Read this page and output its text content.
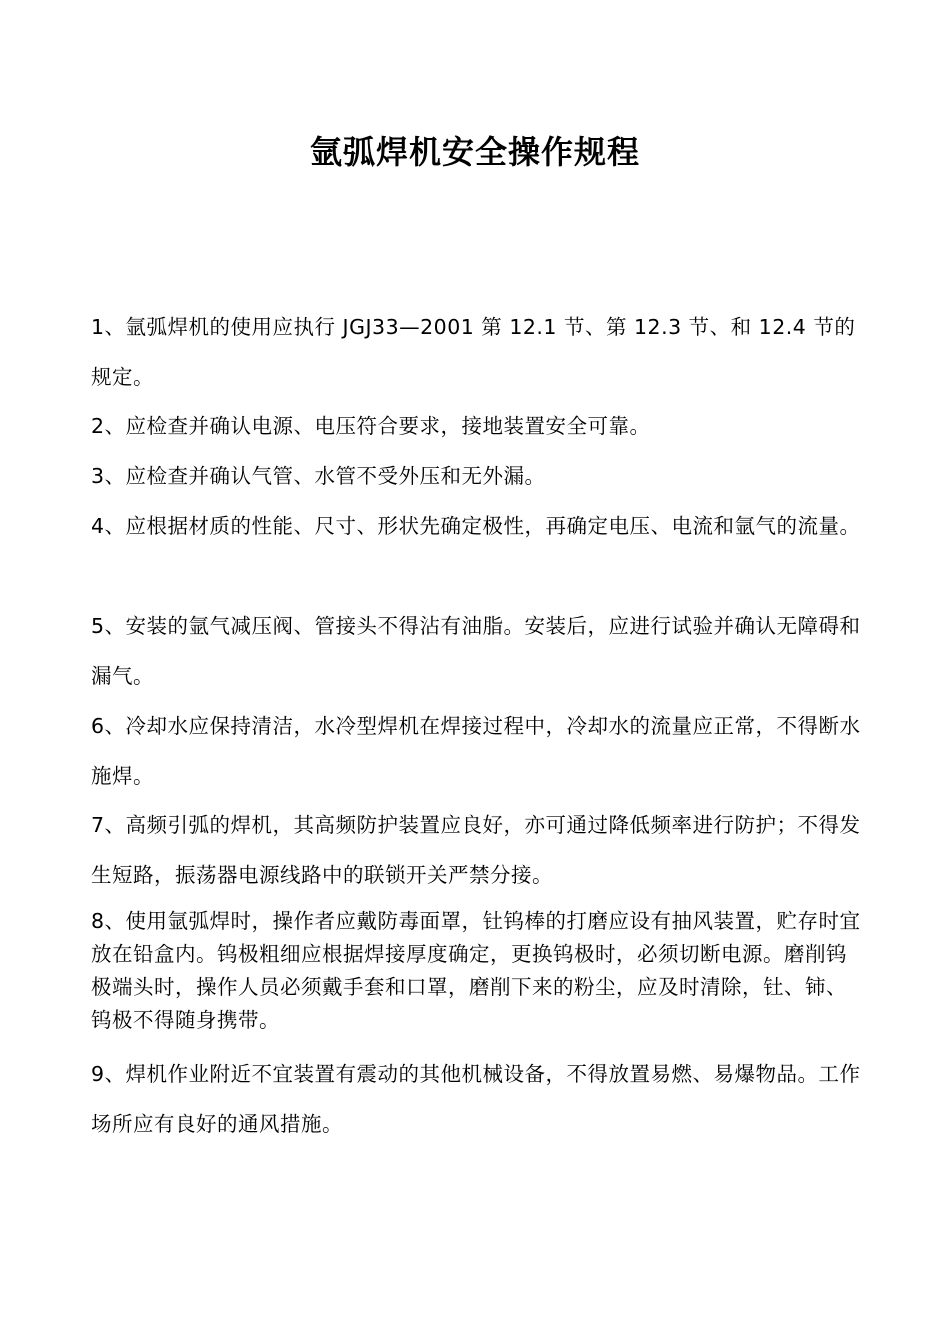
氩弧焊机安全操作规程

1、氩弧焊机的使用应执行 JGJ33—2001 第 12.1 节、第 12.3 节、和 12.4 节的规定。

2、应检查并确认电源、电压符合要求，接地装置安全可靠。

3、应检查并确认气管、水管不受外压和无外漏。

4、应根据材质的性能、尺寸、形状先确定极性，再确定电压、电流和氩气的流量。

5、安装的氩气减压阀、管接头不得沾有油脂。安装后，应进行试验并确认无障碍和漏气。

6、冷却水应保持清洁，水冷型焊机在焊接过程中，冷却水的流量应正常，不得断水施焊。

7、高频引弧的焊机，其高频防护装置应良好，亦可通过降低频率进行防护；不得发生短路，振荡器电源线路中的联锁开关严禁分接。

8、使用氩弧焊时，操作者应戴防毒面罩，钍钨棒的打磨应设有抽风装置，贮存时宜放在铅盒内。钨极粗细应根据焊接厚度确定，更换钨极时，必须切断电源。磨削钨极端头时，操作人员必须戴手套和口罩，磨削下来的粉尘，应及时清除，钍、铈、钨极不得随身携带。

9、焊机作业附近不宜装置有震动的其他机械设备，不得放置易燃、易爆物品。工作场所应有良好的通风措施。
